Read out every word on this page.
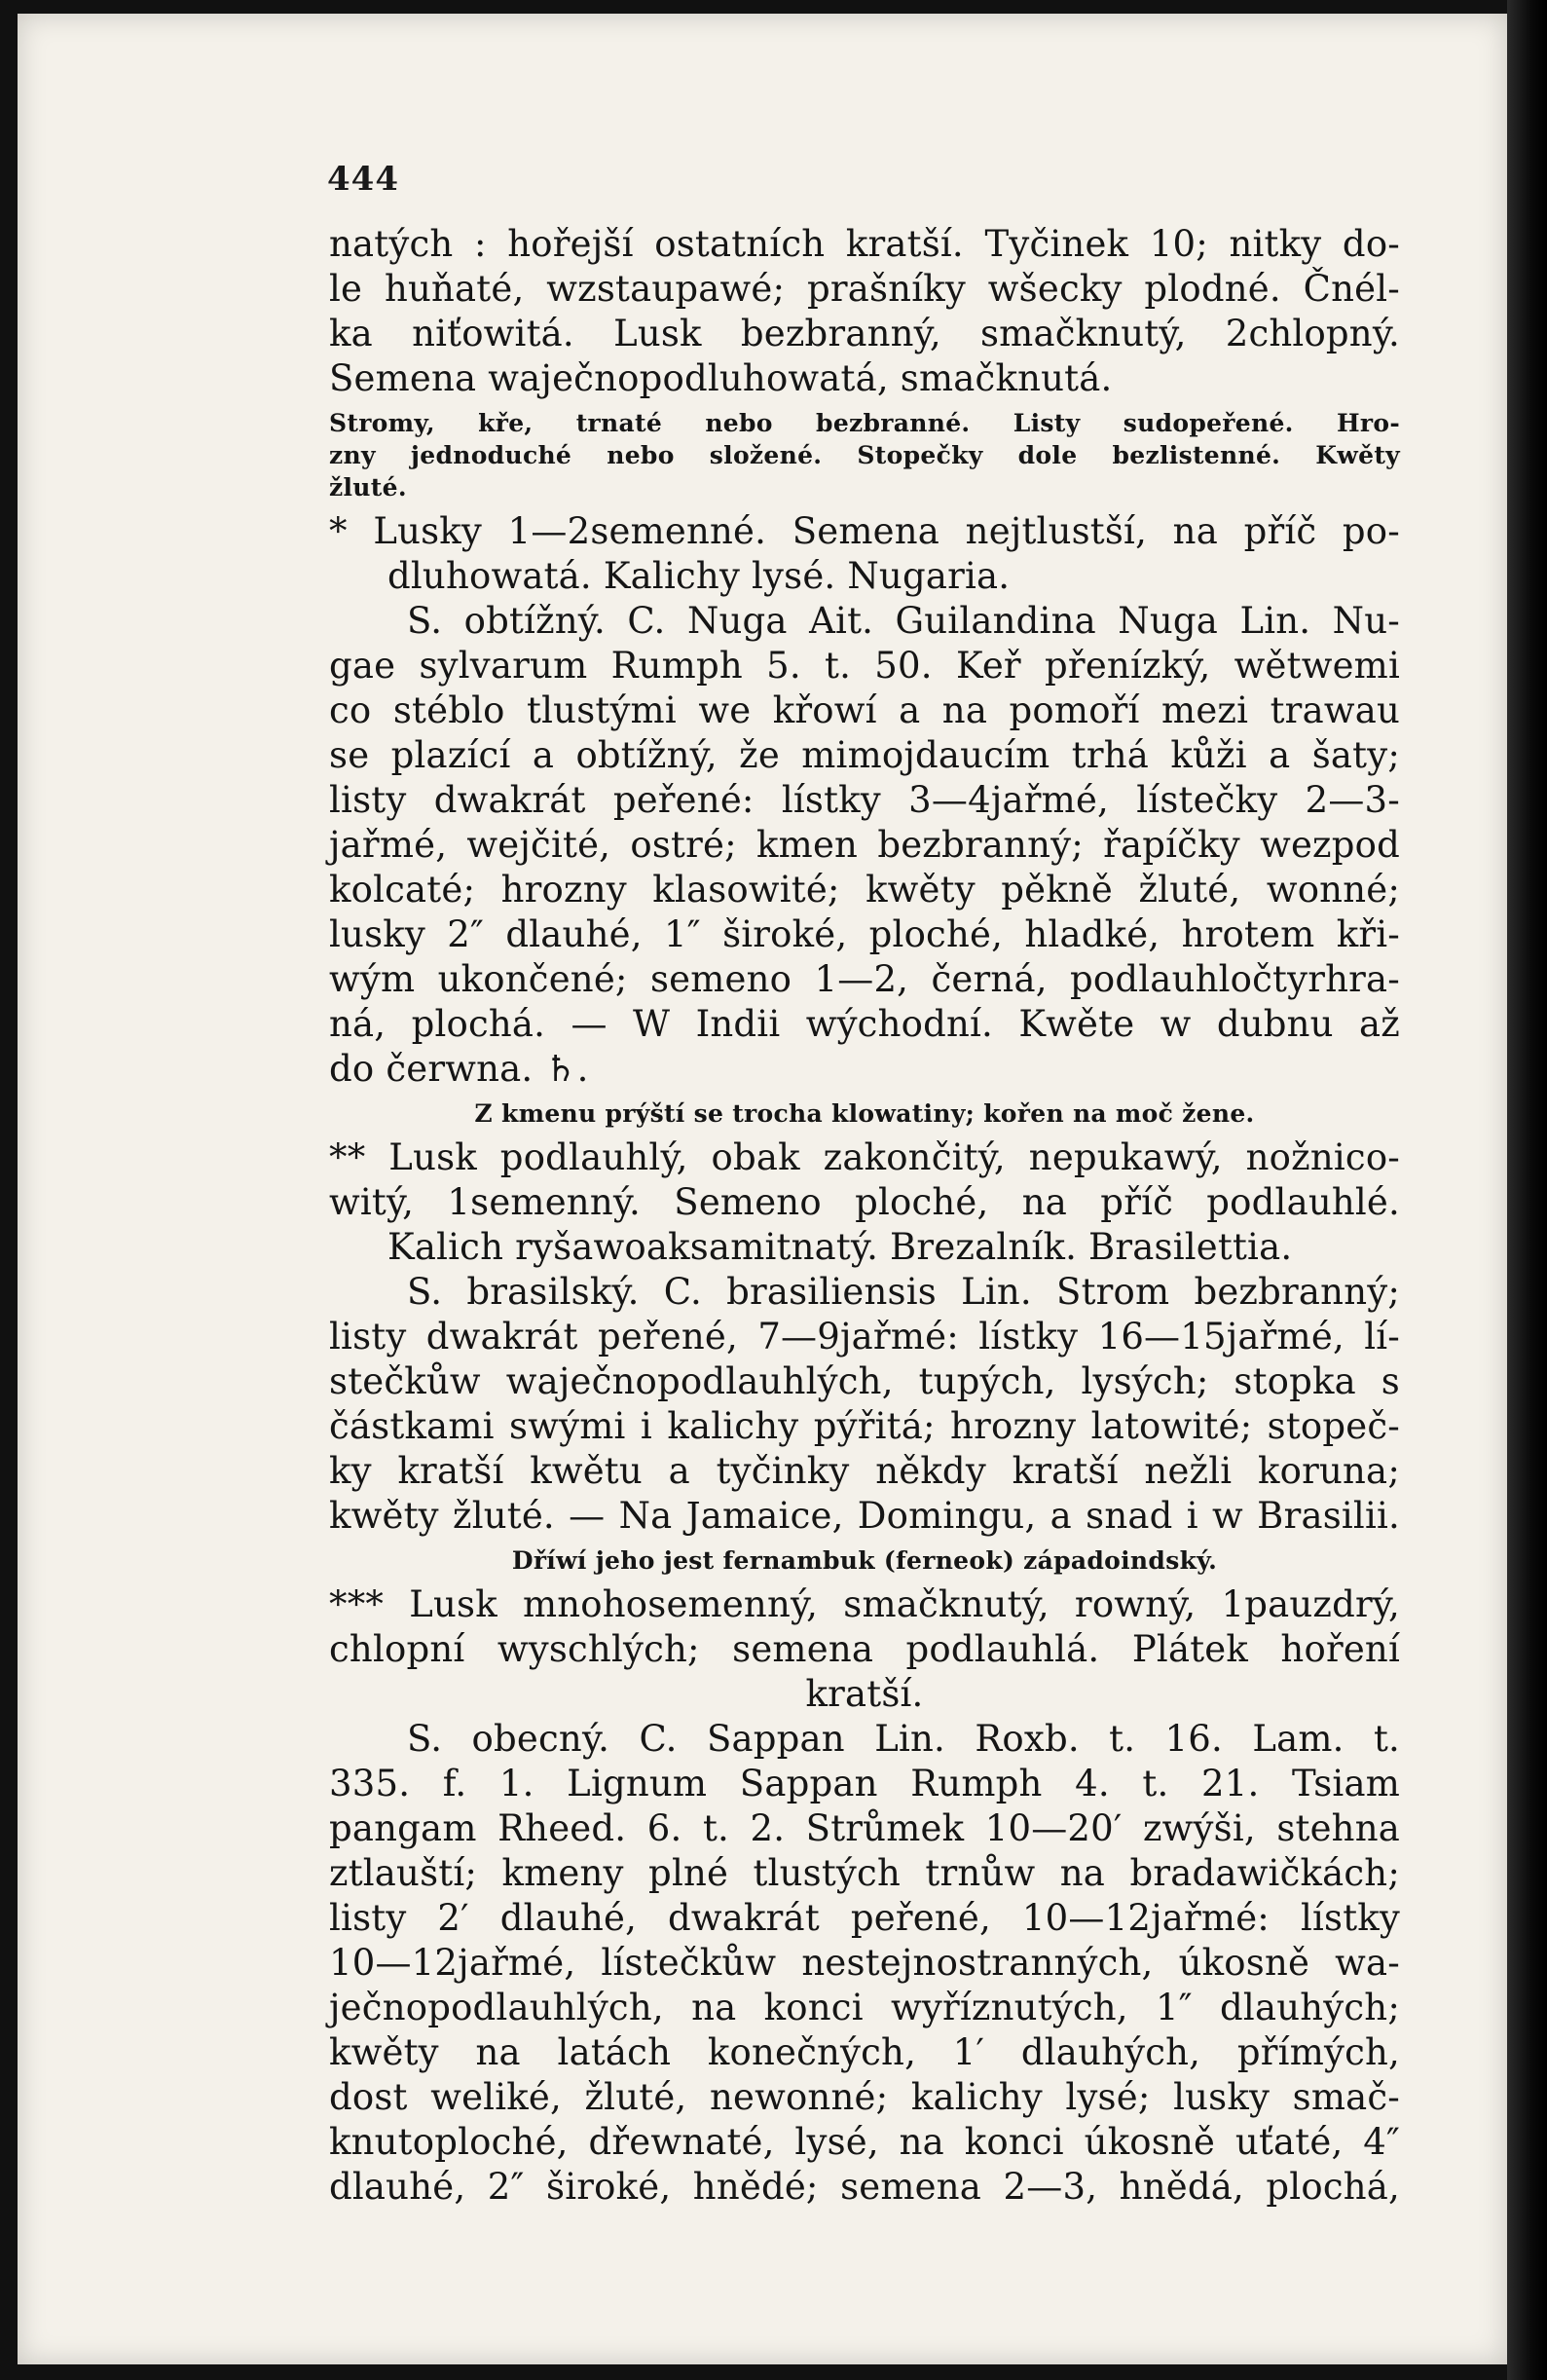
444
natých : hořejší ostatních kratší. Tyčinek 10; nitky do-
le huňaté, wzstaupawé; prašníky wšecky plodné. Čnél-
ka niťowitá. Lusk bezbranný, smačknutý, 2chlopný.
Semena waječnopodluhowatá, smačknutá.
Stromy, kře, trnaté nebo bezbranné. Listy sudopeřené. Hro-
zny jednoduché nebo složené. Stopečky dole bezlistenné. Kwěty
žluté.
* Lusky 1—2semenné. Semena nejtlustší, na příč po-
dluhowatá. Kalichy lysé. Nugaria.
S. obtížný. C. Nuga Ait. Guilandina Nuga Lin. Nu-
gae sylvarum Rumph 5. t. 50. Keř přenízký, wětwemi
co stéblo tlustými we křowí a na pomoří mezi trawau
se plazící a obtížný, že mimojdaucím trhá kůži a šaty;
listy dwakrát peřené: lístky 3—4jařmé, lístečky 2—3-
jařmé, wejčité, ostré; kmen bezbranný; řapíčky wezpod
kolcaté; hrozny klasowité; kwěty pěkně žluté, wonné;
lusky 2″ dlauhé, 1″ široké, ploché, hladké, hrotem kři-
wým ukončené; semeno 1—2, černá, podlauhločtyrhra-
ná, plochá. — W Indii wýchodní. Kwěte w dubnu až
do čerwna. ♄.
Z kmenu prýští se trocha klowatiny; kořen na moč žene.
** Lusk podlauhlý, obak zakončitý, nepukawý, nožnico-
witý, 1semenný. Semeno ploché, na příč podlauhlé.
Kalich ryšawoaksamitnatý. Brezalník. Brasilettia.
S. brasilský. C. brasiliensis Lin. Strom bezbranný;
listy dwakrát peřené, 7—9jařmé: lístky 16—15jařmé, lí-
stečkůw waječnopodlauhlých, tupých, lysých; stopka s
částkami swými i kalichy pýřitá; hrozny latowité; stopeč-
ky kratší kwětu a tyčinky někdy kratší nežli koruna;
kwěty žluté. — Na Jamaice, Domingu, a snad i w Brasilii.
Dříwí jeho jest fernambuk (ferneok) západoindský.
*** Lusk mnohosemenný, smačknutý, rowný, 1pauzdrý,
chlopní wyschlých; semena podlauhlá. Plátek hoření
kratší.
S. obecný. C. Sappan Lin. Roxb. t. 16. Lam. t.
335. f. 1. Lignum Sappan Rumph 4. t. 21. Tsiam
pangam Rheed. 6. t. 2. Strůmek 10—20′ zwýši, stehna
ztlauští; kmeny plné tlustých trnůw na bradawičkách;
listy 2′ dlauhé, dwakrát peřené, 10—12jařmé: lístky
10—12jařmé, lístečkůw nestejnostranných, úkosně wa-
ječnopodlauhlých, na konci wyříznutých, 1″ dlauhých;
kwěty na latách konečných, 1′ dlauhých, přímých,
dost weliké, žluté, newonné; kalichy lysé; lusky smač-
knutoploché, dřewnaté, lysé, na konci úkosně uťaté, 4″
dlauhé, 2″ široké, hnědé; semena 2—3, hnědá, plochá,
